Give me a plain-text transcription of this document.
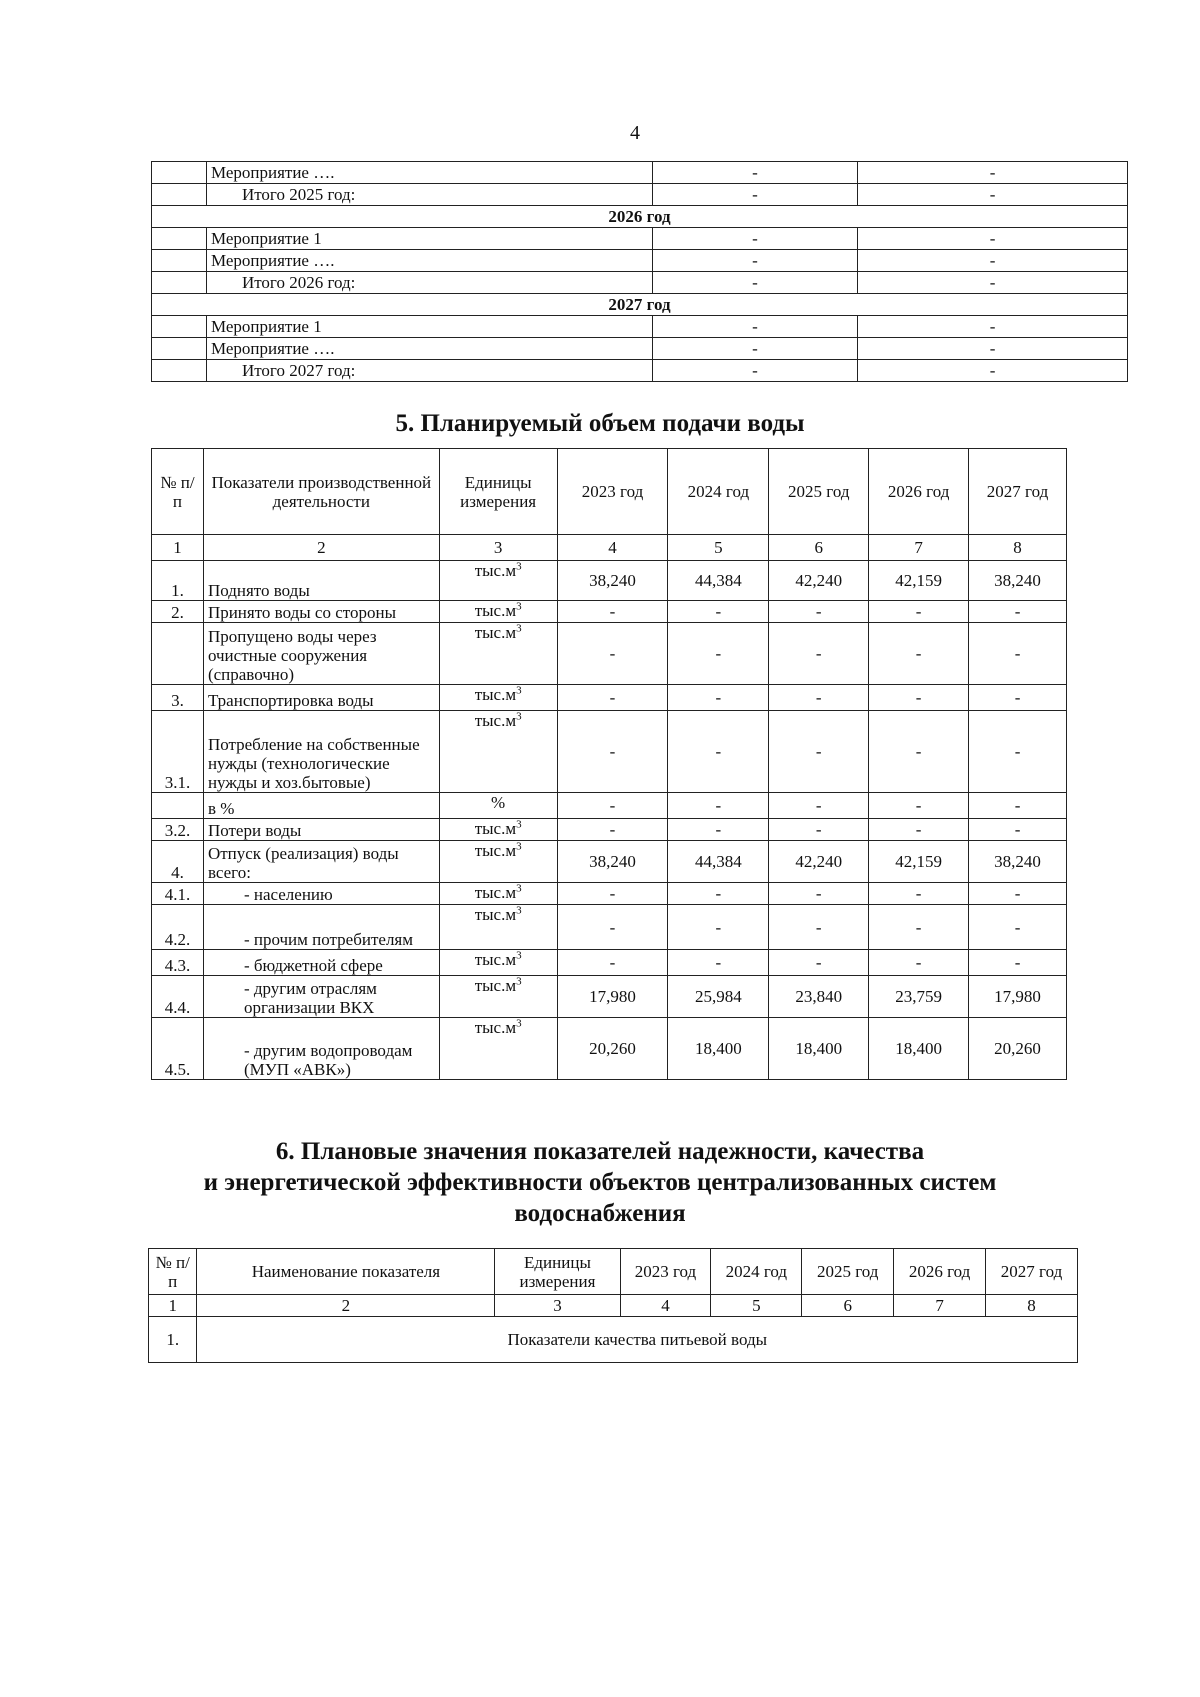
4
	Мероприятие ….	-	-
	Итого 2025 год:	-	-
2026 год			
	Мероприятие 1	-	-
	Мероприятие ….	-	-
	Итого 2026 год:	-	-
2027 год			
	Мероприятие 1	-	-
	Мероприятие ….	-	-
	Итого 2027 год:	-	-
5. Планируемый объем подачи воды
№ п/п	Показатели производственной деятельности	Единицы измерения	2023 год	2024 год	2025 год	2026 год	2027 год
1	2	3	4	5	6	7	8
1.	Поднято воды	$тыс.м^3$	38,240	44,384	42,240	42,159	38,240
2.	Принято воды со стороны	$тыс.м^3$	-	-	-	-	-
	Пропущено воды через очистные сооружения (справочно)	$тыс.м^3$	-	-	-	-	-
3.	Транспортировка воды	$тыс.м^3$	-	-	-	-	-
3.1.	Потребление на собственные нужды (технологические нужды и хоз.бытовые)	$тыс.м^3$	-	-	-	-	-
	в %	%	-	-	-	-	-
3.2.	Потери воды	$тыс.м^3$	-	-	-	-	-
4.	Отпуск (реализация) воды всего:	$тыс.м^3$	38,240	44,384	42,240	42,159	38,240
4.1.	- населению	$тыс.м^3$	-	-	-	-	-
4.2.	- прочим потребителям	$тыс.м^3$	-	-	-	-	-
4.3.	- бюджетной сфере	$тыс.м^3$	-	-	-	-	-
4.4.	- другим отраслям организации ВКХ	$тыс.м^3$	17,980	25,984	23,840	23,759	17,980
4.5.	- другим водопроводам (МУП «АВК»)	$тыс.м^3$	20,260	18,400	18,400	18,400	20,260
6. Плановые значения показателей надежности, качества
и энергетической эффективности объектов централизованных систем
водоснабжения
№ п/п	Наименование показателя	Единицы измерения	2023 год	2024 год	2025 год	2026 год	2027 год
1	2	3	4	5	6	7	8
1.	Показатели качества питьевой воды						
